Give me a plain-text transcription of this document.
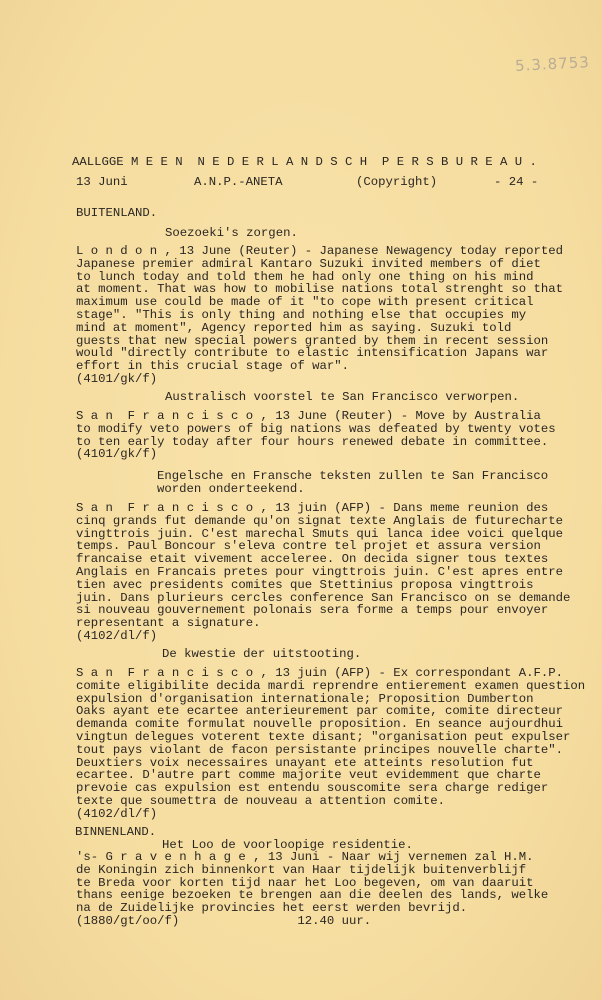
5.3.8753
AALLGGE M E E N  N E D E R L A N D S C H  P E R S B U R E A U .
13 Juni	A.N.P.-ANETA	(Copyright)	- 24 -
BUITENLAND.
BINNENLAND.
Soezoeki's zorgen.
L o n d o n , 13 June (Reuter) - Japanese Newagency today reported
Japanese premier admiral Kantaro Suzuki invited members of diet
to lunch today and told them he had only one thing on his mind
at moment. That was how to mobilise nations total strenght so that
maximum use could be made of it "to cope with present critical
stage". "This is only thing and nothing else that occupies my
mind at moment", Agency reported him as saying. Suzuki told
guests that new special powers granted by them in recent session
would "directly contribute to elastic intensification Japans war
effort in this crucial stage of war".
(4101/gk/f)
Australisch voorstel te San Francisco verworpen.
S a n  F r a n c i s c o , 13 June (Reuter) - Move by Australia
to modify veto powers of big nations was defeated by twenty votes
to ten early today after four hours renewed debate in committee.
(4101/gk/f)
Engelsche en Fransche teksten zullen te San Francisco
worden onderteekend.
S a n  F r a n c i s c o , 13 juin (AFP) - Dans meme reunion des
cinq grands fut demande qu'on signat texte Anglais de futurecharte
vingttrois juin. C'est marechal Smuts qui lanca idee voici quelque
temps. Paul Boncour s'eleva contre tel projet et assura version
francaise etait vivement acceleree. On decida signer tous textes
Anglais en Francais pretes pour vingttrois juin. C'est apres entre
tien avec presidents comites que Stettinius proposa vingttrois
juin. Dans plurieurs cercles conference San Francisco on se demande
si nouveau gouvernement polonais sera forme a temps pour envoyer
representant a signature.
(4102/dl/f)
De kwestie der uitstooting.
S a n  F r a n c i s c o , 13 juin (AFP) - Ex correspondant A.F.P.
comite eligibilite decida mardi reprendre entierement examen question
expulsion d'organisation internationale; Proposition Dumberton
Oaks ayant ete ecartee anterieurement par comite, comite directeur
demanda comite formulat nouvelle proposition. En seance aujourdhui
vingtun delegues voterent texte disant; "organisation peut expulser
tout pays violant de facon persistante principes nouvelle charte".
Deuxtiers voix necessaires unayant ete atteints resolution fut
ecartee. D'autre part comme majorite veut evidemment que charte
prevoie cas expulsion est entendu souscomite sera charge rediger
texte que soumettra de nouveau a attention comite.
(4102/dl/f)
Het Loo de voorloopige residentie.
's- G r a v e n h a g e , 13 Juni - Naar wij vernemen zal H.M.
de Koningin zich binnenkort van Haar tijdelijk buitenverblijf
te Breda voor korten tijd naar het Loo begeven, om van daaruit
thans eenige bezoeken te brengen aan die deelen des lands, welke
na de Zuidelijke provincies het eerst werden bevrijd.
(1880/gt/oo/f)                12.40 uur.
